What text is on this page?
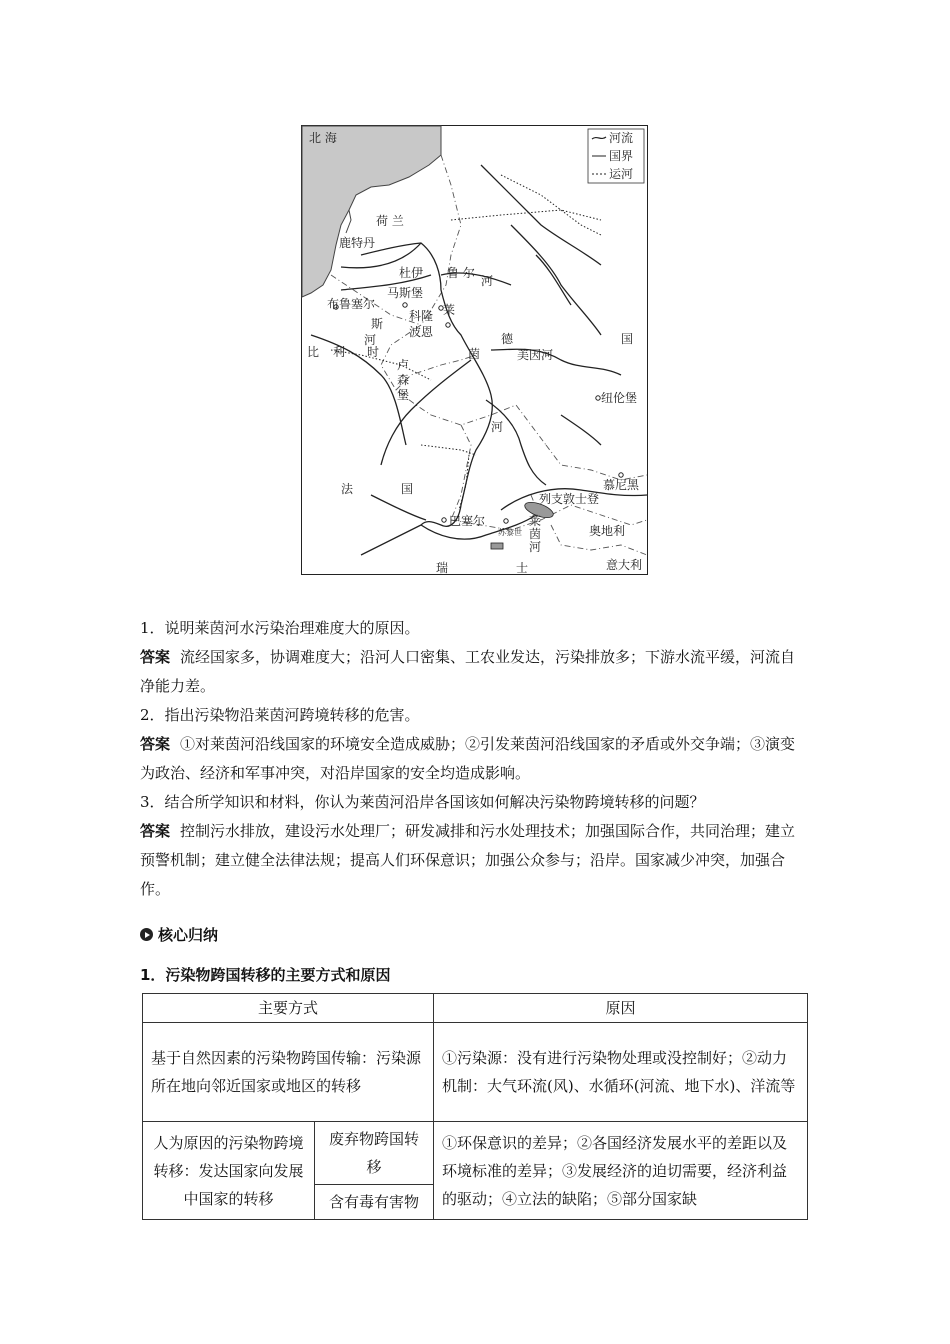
河流
国界
运河
北 海
荷 兰
鹿特丹
杜伊
马斯堡
鲁 尔
河
布鲁塞尔
斯
科隆 莱
波恩
河
比 利 时	茵
德
美因河
国
纽伦堡
河
法	国	慕尼黑
列支敦士登
巴塞尔
苏黎世	奥地利
瑞	士	意大利
卢森堡
莱茵河

1．说明莱茵河水污染治理难度大的原因。

答案 流经国家多，协调难度大；沿河人口密集、工农业发达，污染排放多；下游水流平缓，河流自净能力差。

2．指出污染物沿莱茵河跨境转移的危害。

答案 ①对莱茵河沿线国家的环境安全造成威胁；②引发莱茵河沿线国家的矛盾或外交争端；③演变为政治、经济和军事冲突，对沿岸国家的安全均造成影响。

3．结合所学知识和材料，你认为莱茵河沿岸各国该如何解决污染物跨境转移的问题？

答案 控制污水排放，建设污水处理厂；研发减排和污水处理技术；加强国际合作，共同治理；建立预警机制；建立健全法律法规；提高人们环保意识；加强公众参与；沿岸。国家减少冲突，加强合作。

核心归纳
1．污染物跨国转移的主要方式和原因
主要方式		原因
基于自然因素的污染物跨国传输：污染源所在地向邻近国家或地区的转移		①污染源：没有进行污染物处理或没控制好；②动力机制：大气环流(风)、水循环(河流、地下水)、洋流等
人为原因的污染物跨境转移：发达国家向发展中国家的转移	废弃物跨国转移	①环保意识的差异；②各国经济发展水平的差距以及环境标准的差异；③发展经济的迫切需要，经济利益的驱动；④立法的缺陷；⑤部分国家缺
	含有毒有害物	
